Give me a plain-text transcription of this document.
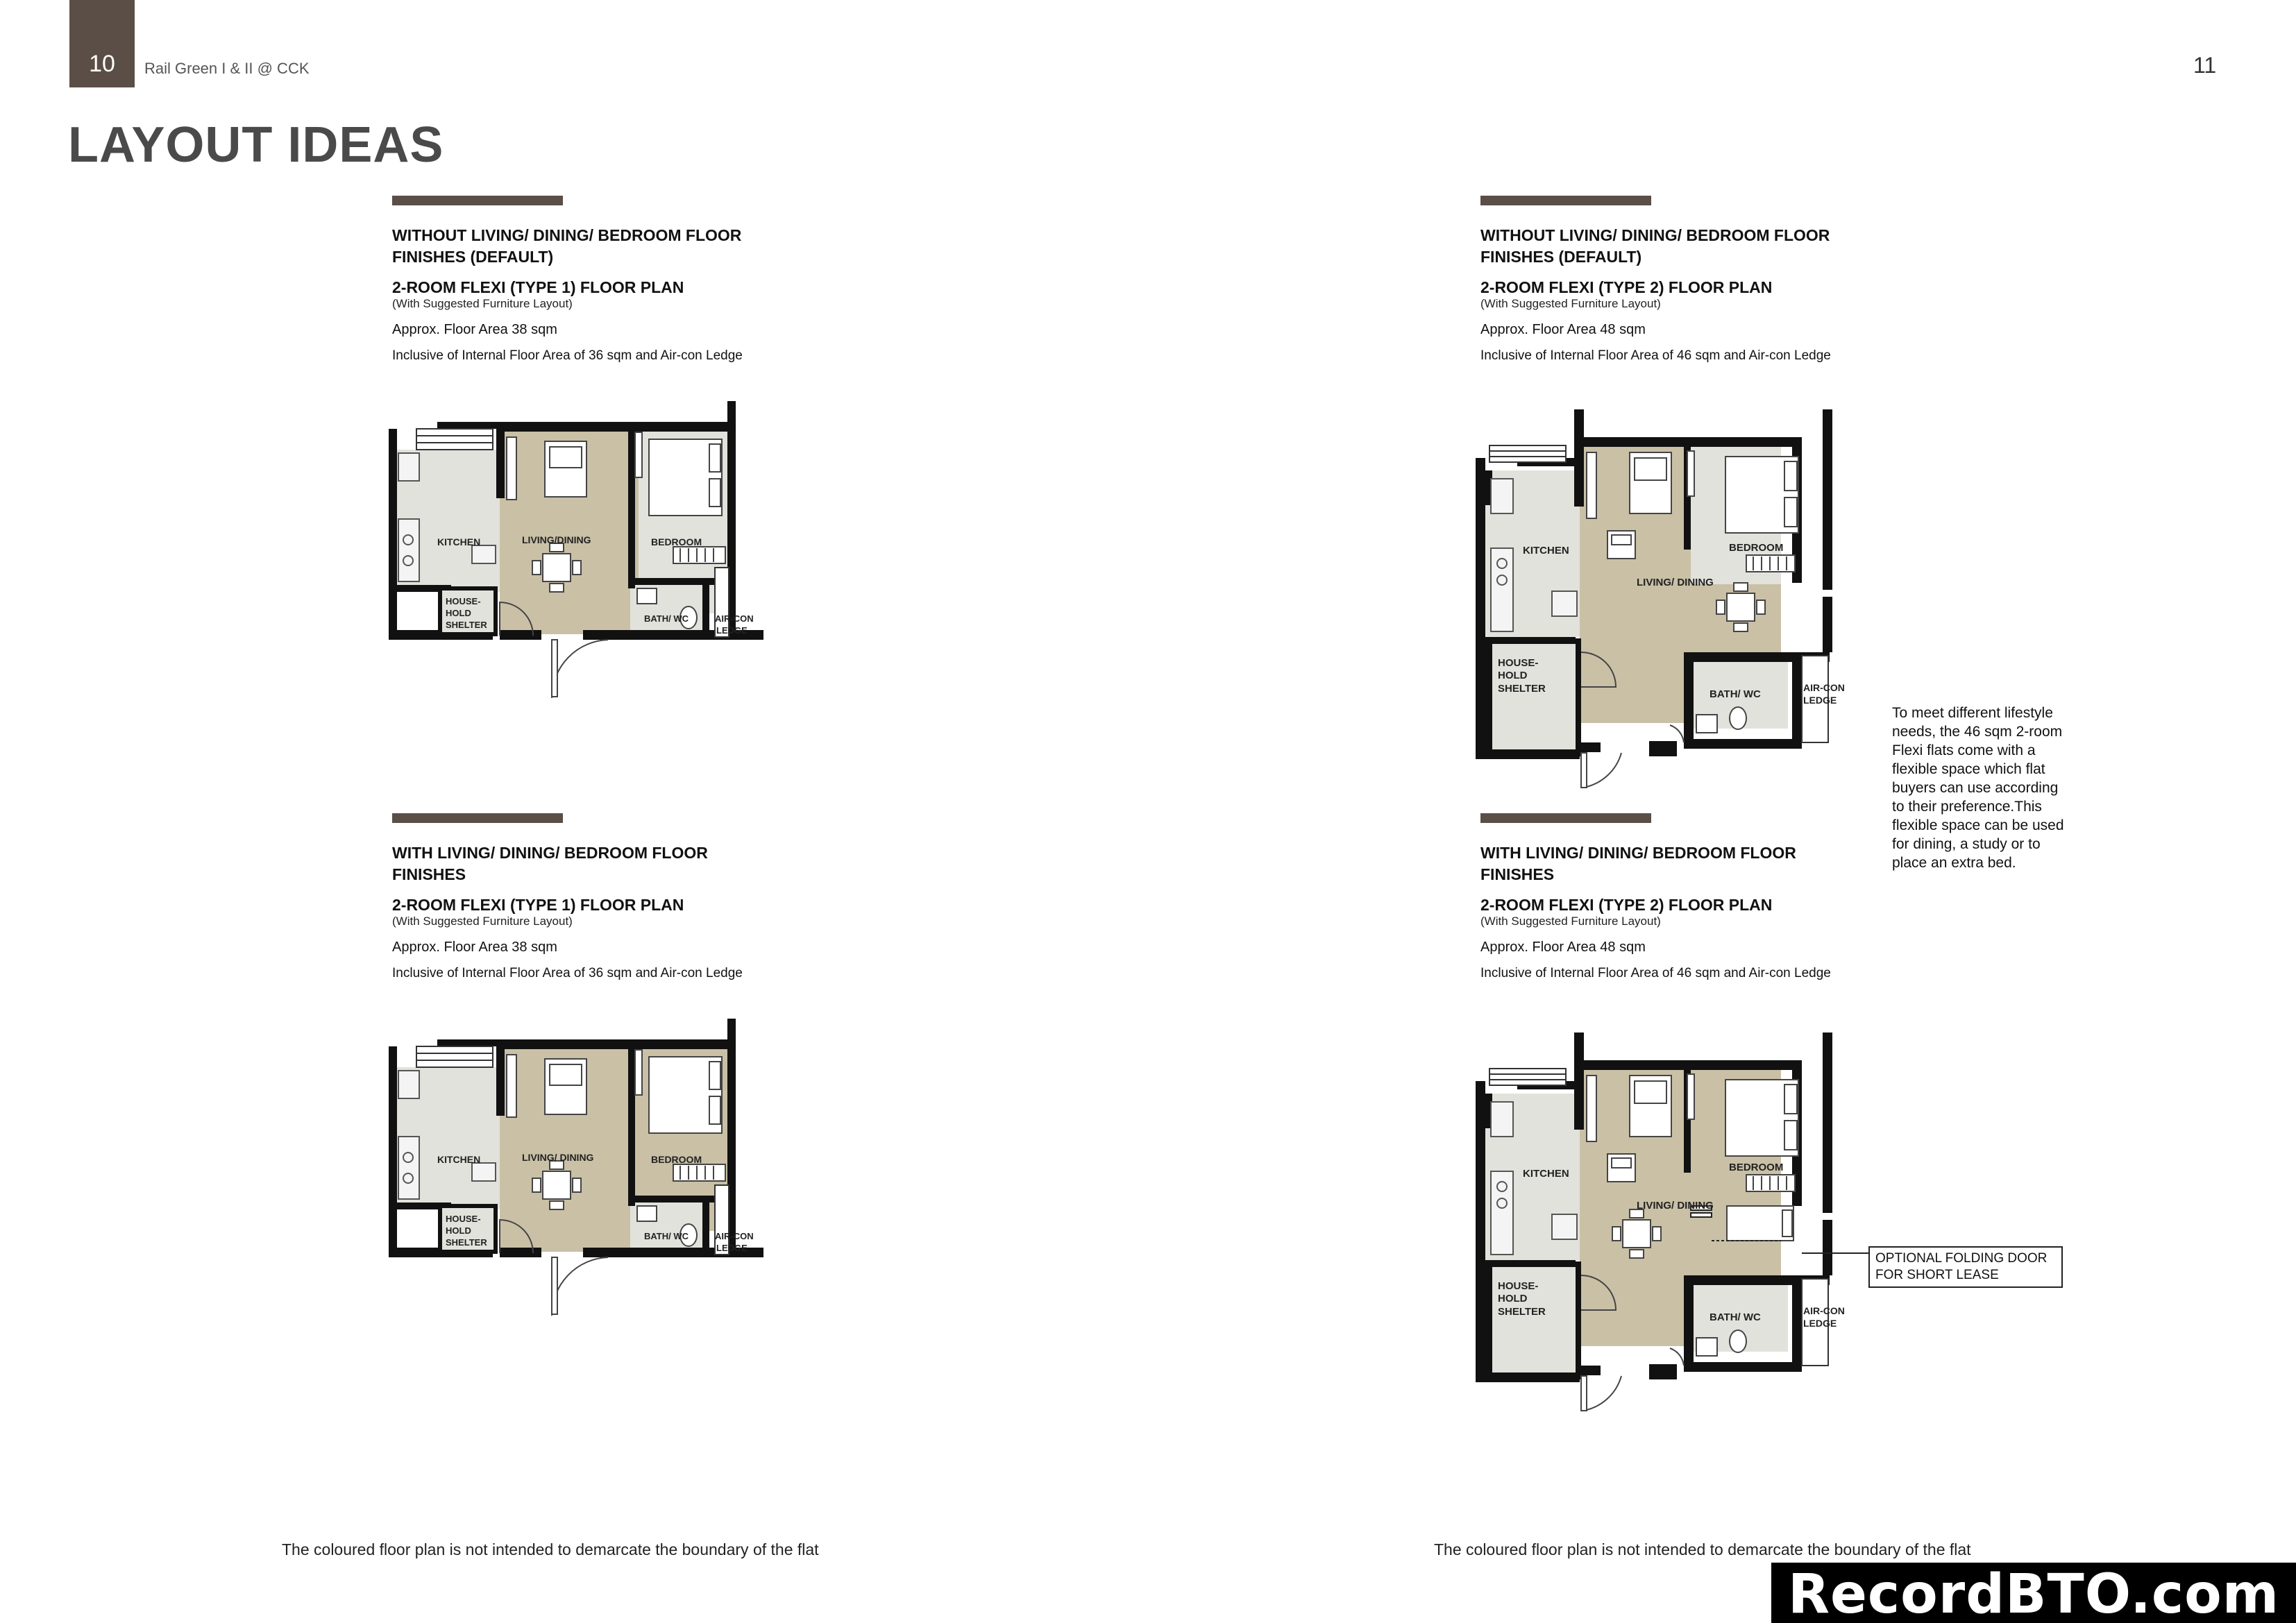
10	Rail Green I & II @ CCK	11
LAYOUT IDEAS
WITHOUT LIVING/ DINING/ BEDROOM FLOOR FINISHES (DEFAULT)
2-ROOM FLEXI (TYPE 1) FLOOR PLAN
(With Suggested Furniture Layout)
Approx. Floor Area 38 sqm
Inclusive of Internal Floor Area of 36 sqm and Air-con Ledge
WITH LIVING/ DINING/ BEDROOM FLOOR FINISHES
2-ROOM FLEXI (TYPE 1) FLOOR PLAN
(With Suggested Furniture Layout)
Approx. Floor Area 38 sqm
Inclusive of Internal Floor Area of 36 sqm and Air-con Ledge
WITHOUT LIVING/ DINING/ BEDROOM FLOOR FINISHES (DEFAULT)
2-ROOM FLEXI (TYPE 2) FLOOR PLAN
(With Suggested Furniture Layout)
Approx. Floor Area 48 sqm
Inclusive of Internal Floor Area of 46 sqm and Air-con Ledge
WITH LIVING/ DINING/ BEDROOM FLOOR FINISHES
2-ROOM FLEXI (TYPE 2) FLOOR PLAN
(With Suggested Furniture Layout)
Approx. Floor Area 48 sqm
Inclusive of Internal Floor Area of 46 sqm and Air-con Ledge
KITCHEN	LIVING/DINING	BEDROOM
BATH/ WC
HOUSE-
HOLD
SHELTER
AIR-CON
LEDGE
KITCHEN	LIVING/ DINING	BEDROOM
BATH/ WC
HOUSE-
HOLD
SHELTER
AIR-CON
LEDGE
KITCHEN
LIVING/ DINING
BEDROOM
BATH/ WC
HOUSE-
HOLD
SHELTER	AIR-CON
LEDGE
KITCHEN
LIVING/ DINING
BEDROOM
BATH/ WC
HOUSE-
HOLD
SHELTER	AIR-CON
LEDGE
To meet different lifestyle needs, the 46 sqm 2-room Flexi flats come with a flexible space which flat buyers can use according to their preference.This flexible space can be used for dining, a study or to place an extra bed.
OPTIONAL FOLDING DOOR FOR SHORT LEASE
The coloured floor plan is not intended to demarcate the boundary of the flat	The coloured floor plan is not intended to demarcate the boundary of the flat
RecordBTO.com
